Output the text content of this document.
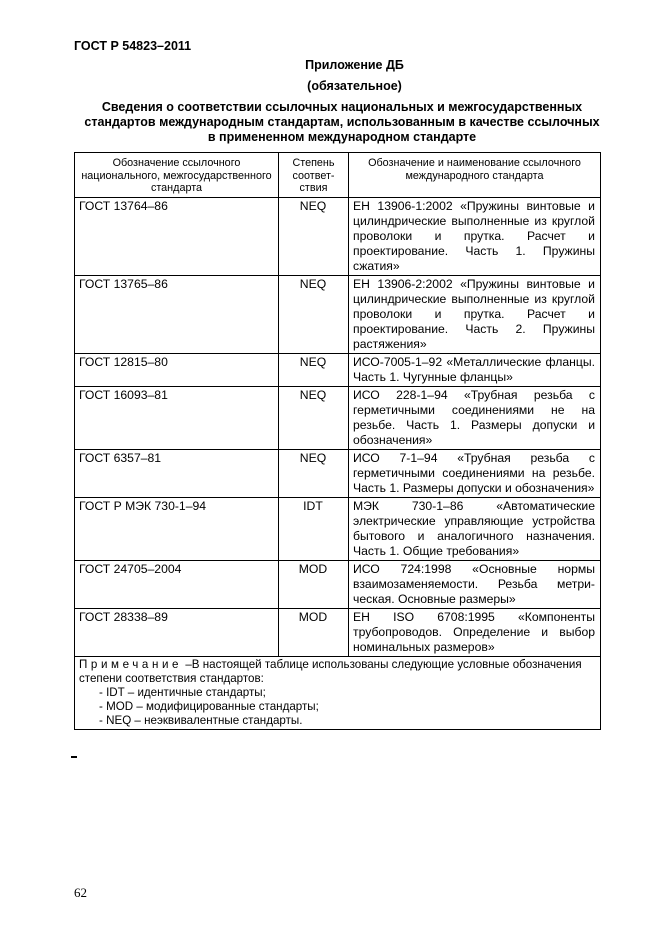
ГОСТ Р 54823–2011
Приложение ДБ
(обязательное)
Сведения о соответствии ссылочных национальных и межгосударственных стандартов международным стандартам, использованным в качестве ссылочных в примененном международном стандарте
Обозначение ссылочного национального, межгосударственного стандарта	Степень соответ-ствия	Обозначение и наименование ссылочного международного стандарта
ГОСТ 13764–86	NEQ	ЕН 13906-1:2002 «Пружины винтовые и цилиндрические выполненные из круглой проволоки и прутка. Расчет и проектирование. Часть 1. Пружины сжатия»
ГОСТ 13765–86	NEQ	ЕН 13906-2:2002 «Пружины винтовые и цилиндрические выполненные из круглой проволоки и прутка. Расчет и проектирование. Часть 2. Пружины растяжения»
ГОСТ 12815–80	NEQ	ИСО-7005-1–92 «Металлические фланцы. Часть 1. Чугунные фланцы»
ГОСТ 16093–81	NEQ	ИСО 228-1–94 «Трубная резьба с герметичными соединениями не на резьбе. Часть 1. Размеры допуски и обозначения»
ГОСТ 6357–81	NEQ	ИСО 7-1–94 «Трубная резьба с герметичными соединениями на резьбе. Часть 1. Размеры допуски и обозначения»
ГОСТ Р МЭК 730-1–94	IDT	МЭК 730-1–86 «Автоматические электрические управляющие устройства бытового и аналогичного назначения. Часть 1. Общие требования»
ГОСТ 24705–2004	MOD	ИСО 724:1998 «Основные нормы взаимозаменяемости. Резьба метри-ческая. Основные размеры»
ГОСТ 28338–89	MOD	ЕН ISO 6708:1995 «Компоненты трубопроводов. Определение и выбор номинальных размеров»

Примечание –В настоящей таблице использованы следующие условные обозначения степени соответствия стандартов:
- IDT – идентичные стандарты;
- MOD – модифицированные стандарты;
- NEQ – неэквивалентные стандарты.		
62
